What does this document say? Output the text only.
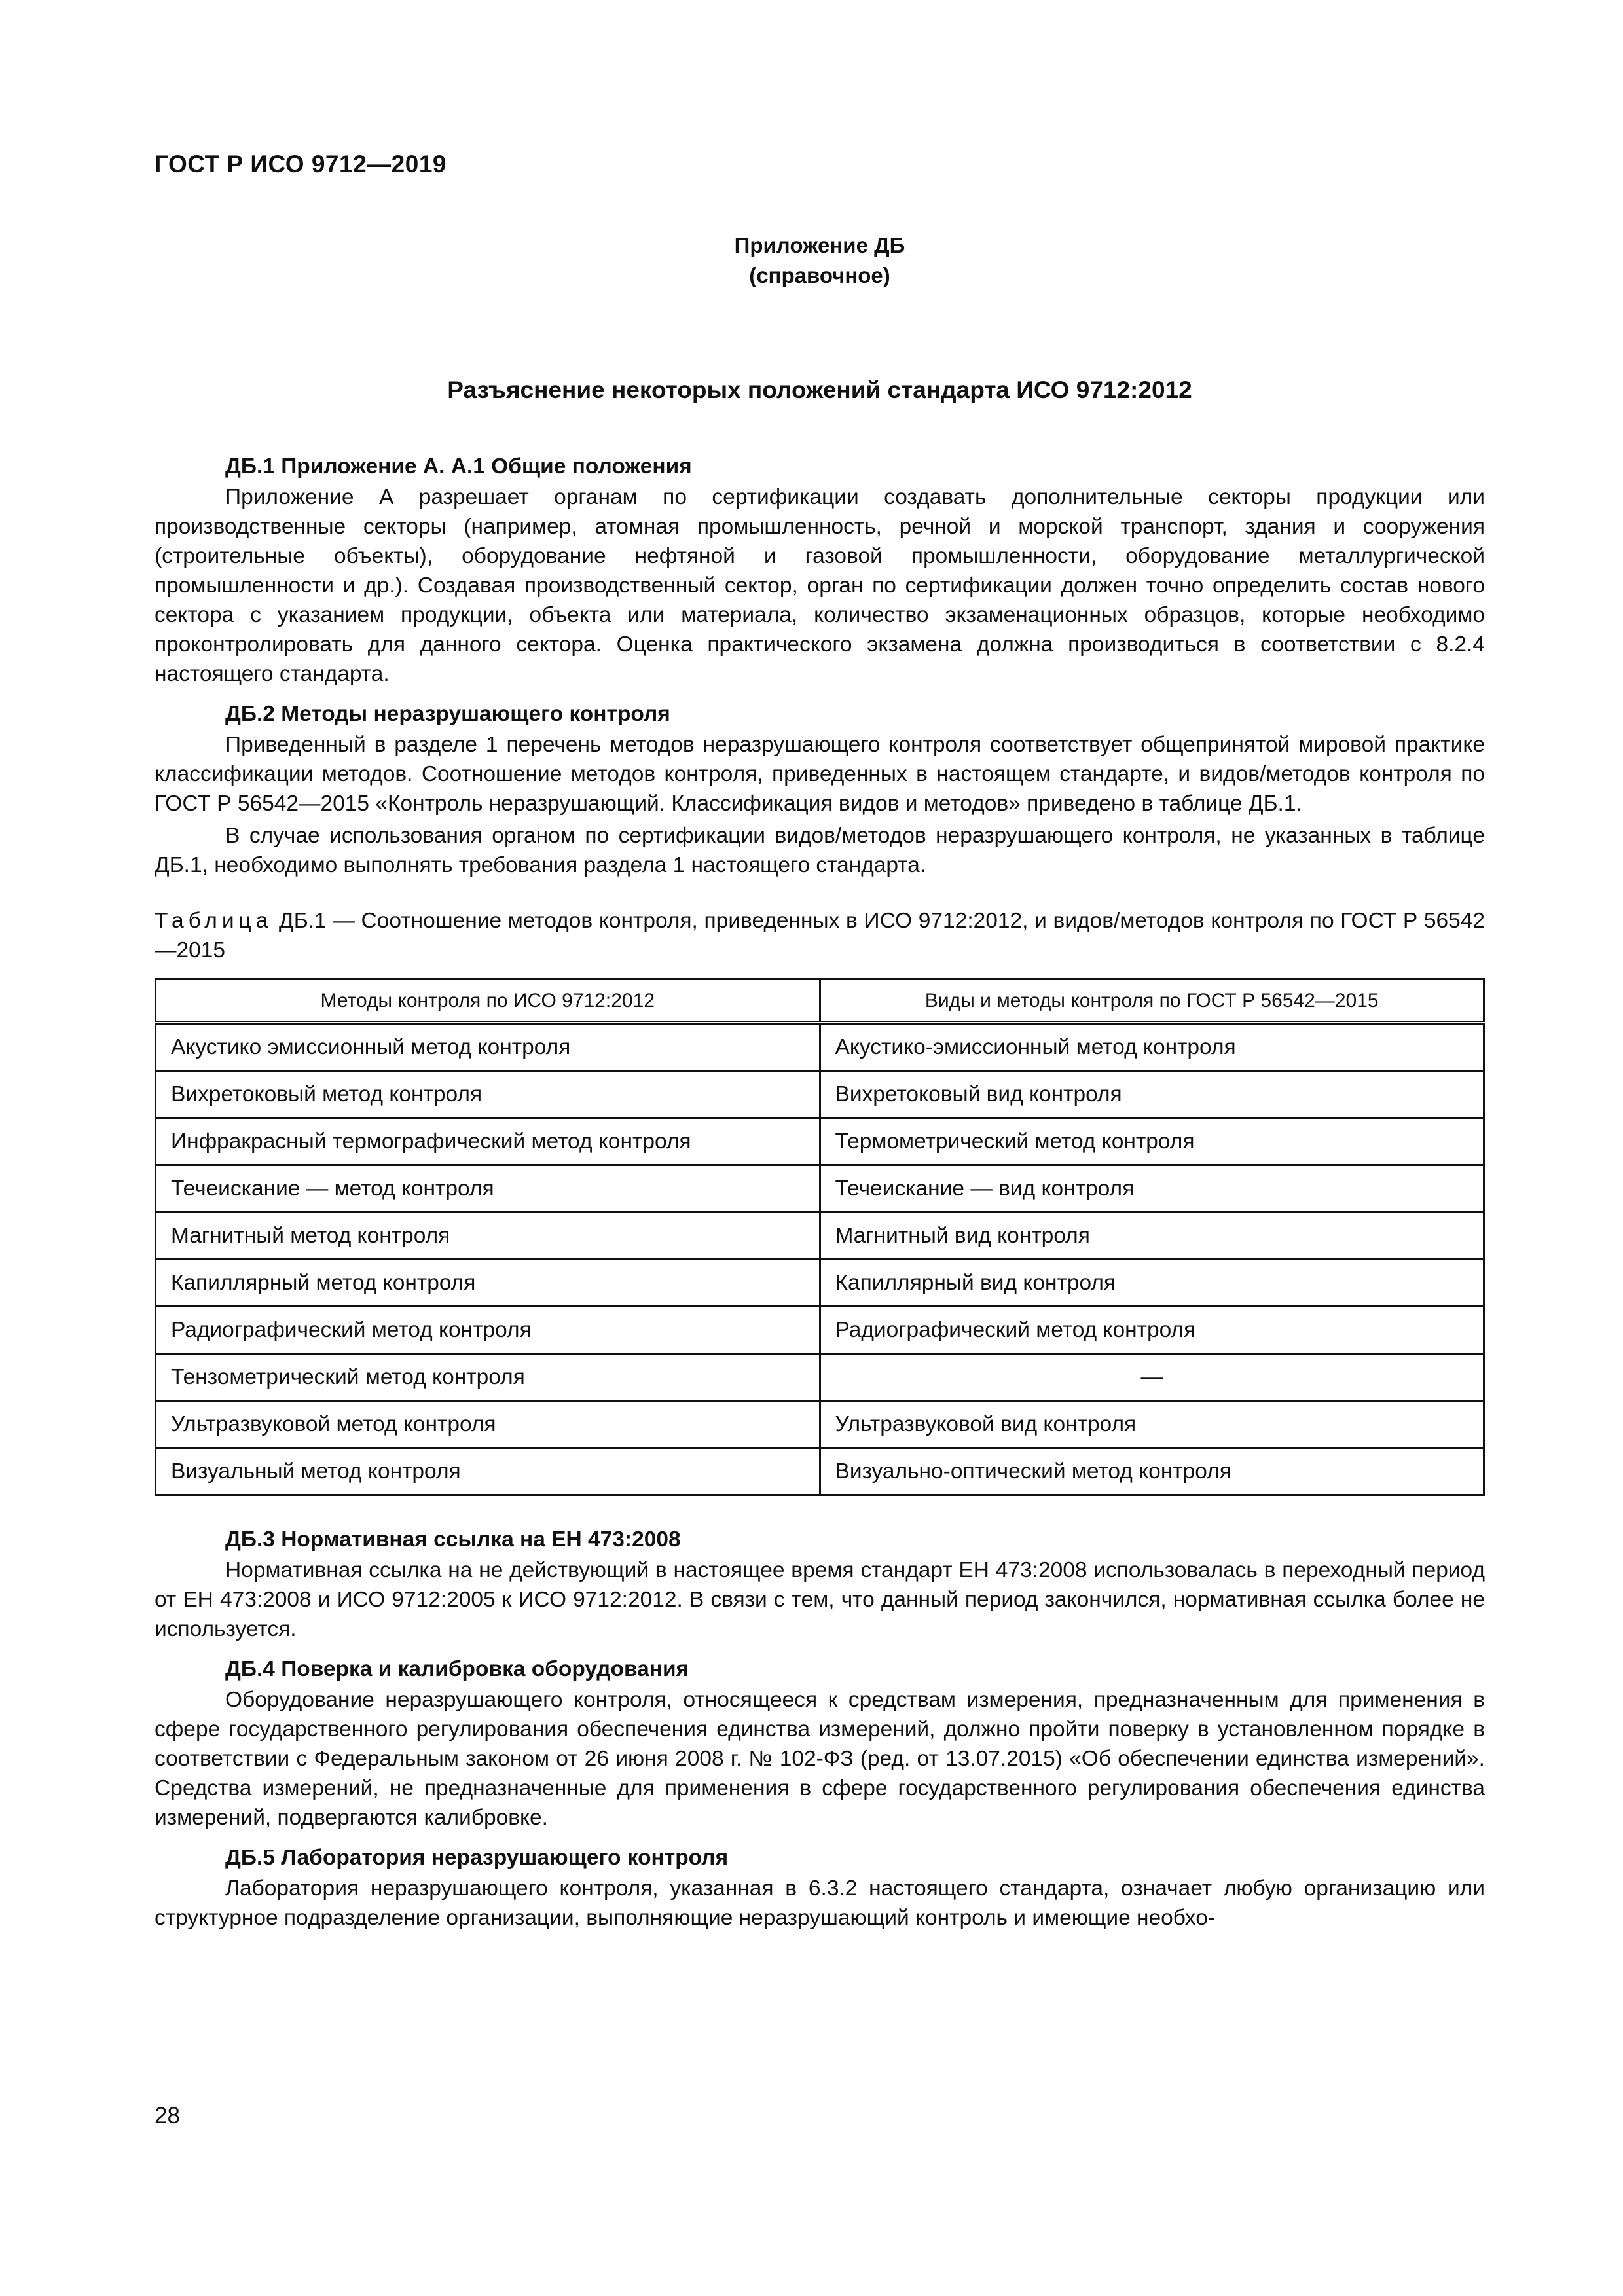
ГОСТ Р ИСО 9712—2019
Приложение ДБ
(справочное)
Разъяснение некоторых положений стандарта ИСО 9712:2012
ДБ.1 Приложение А. А.1 Общие положения
Приложение А разрешает органам по сертификации создавать дополнительные секторы продукции или производственные секторы (например, атомная промышленность, речной и морской транспорт, здания и сооружения (строительные объекты), оборудование нефтяной и газовой промышленности, оборудование металлургической промышленности и др.). Создавая производственный сектор, орган по сертификации должен точно определить состав нового сектора с указанием продукции, объекта или материала, количество экзаменационных образцов, которые необходимо проконтролировать для данного сектора. Оценка практического экзамена должна производиться в соответствии с 8.2.4 настоящего стандарта.
ДБ.2 Методы неразрушающего контроля
Приведенный в разделе 1 перечень методов неразрушающего контроля соответствует общепринятой мировой практике классификации методов. Соотношение методов контроля, приведенных в настоящем стандарте, и видов/методов контроля по ГОСТ Р 56542—2015 «Контроль неразрушающий. Классификация видов и методов» приведено в таблице ДБ.1.
В случае использования органом по сертификации видов/методов неразрушающего контроля, не указанных в таблице ДБ.1, необходимо выполнять требования раздела 1 настоящего стандарта.
Таблица ДБ.1 — Соотношение методов контроля, приведенных в ИСО 9712:2012, и видов/методов контроля по ГОСТ Р 56542—2015
Методы контроля по ИСО 9712:2012	Виды и методы контроля по ГОСТ Р 56542—2015
Акустико эмиссионный метод контроля	Акустико-эмиссионный метод контроля
Вихретоковый метод контроля	Вихретоковый вид контроля
Инфракрасный термографический метод контроля	Термометрический метод контроля
Течеискание — метод контроля	Течеискание — вид контроля
Магнитный метод контроля	Магнитный вид контроля
Капиллярный метод контроля	Капиллярный вид контроля
Радиографический метод контроля	Радиографический метод контроля
Тензометрический метод контроля	—
Ультразвуковой метод контроля	Ультразвуковой вид контроля
Визуальный метод контроля	Визуально-оптический метод контроля
ДБ.3 Нормативная ссылка на ЕН 473:2008
Нормативная ссылка на не действующий в настоящее время стандарт ЕН 473:2008 использовалась в переходный период от ЕН 473:2008 и ИСО 9712:2005 к ИСО 9712:2012. В связи с тем, что данный период закончился, нормативная ссылка более не используется.
ДБ.4 Поверка и калибровка оборудования
Оборудование неразрушающего контроля, относящееся к средствам измерения, предназначенным для применения в сфере государственного регулирования обеспечения единства измерений, должно пройти поверку в установленном порядке в соответствии с Федеральным законом от 26 июня 2008 г. № 102-ФЗ (ред. от 13.07.2015) «Об обеспечении единства измерений». Средства измерений, не предназначенные для применения в сфере государственного регулирования обеспечения единства измерений, подвергаются калибровке.
ДБ.5 Лаборатория неразрушающего контроля
Лаборатория неразрушающего контроля, указанная в 6.3.2 настоящего стандарта, означает любую организацию или структурное подразделение организации, выполняющие неразрушающий контроль и имеющие необхо-
28
